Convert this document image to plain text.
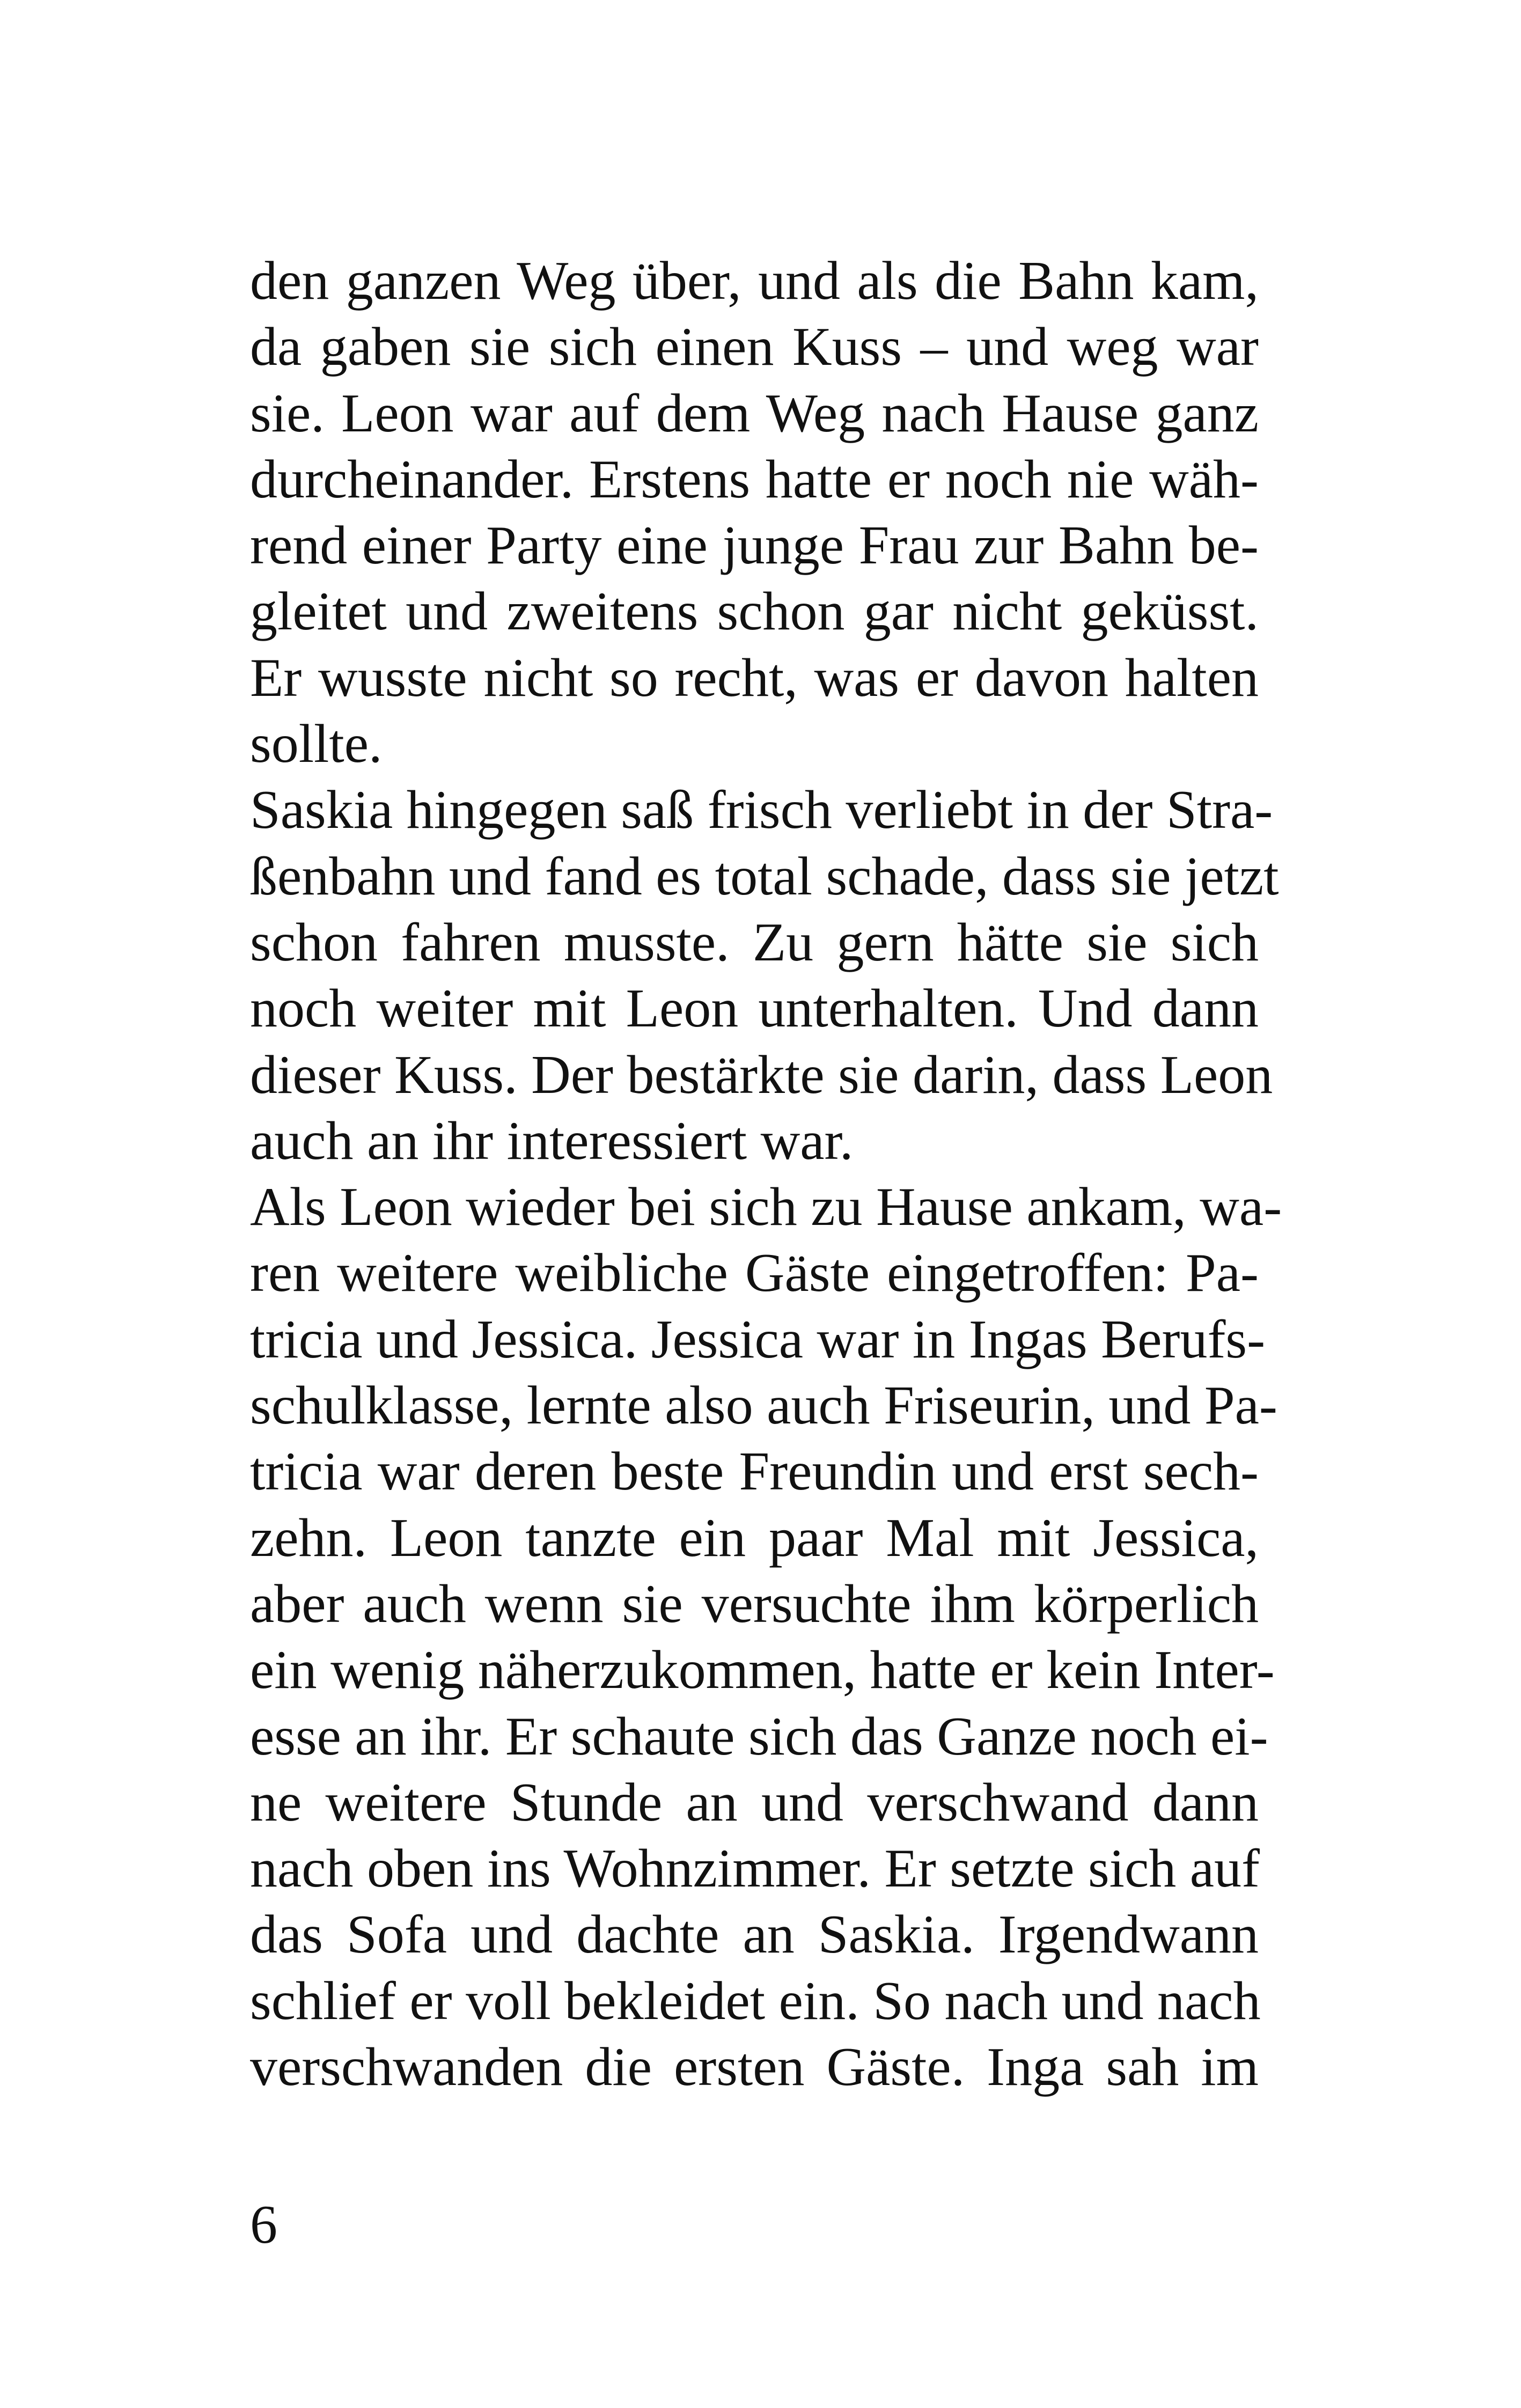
den ganzen Weg über, und als die Bahn kam,
da gaben sie sich einen Kuss – und weg war
sie. Leon war auf dem Weg nach Hause ganz
durcheinander. Erstens hatte er noch nie wäh-
rend einer Party eine junge Frau zur Bahn be-
gleitet und zweitens schon gar nicht geküsst.
Er wusste nicht so recht, was er davon halten
sollte.
Saskia hingegen saß frisch verliebt in der Stra-
ßenbahn und fand es total schade, dass sie jetzt
schon fahren musste. Zu gern hätte sie sich
noch weiter mit Leon unterhalten. Und dann
dieser Kuss. Der bestärkte sie darin, dass Leon
auch an ihr interessiert war.
Als Leon wieder bei sich zu Hause ankam, wa-
ren weitere weibliche Gäste eingetroffen: Pa-
tricia und Jessica. Jessica war in Ingas Berufs-
schulklasse, lernte also auch Friseurin, und Pa-
tricia war deren beste Freundin und erst sech-
zehn. Leon tanzte ein paar Mal mit Jessica,
aber auch wenn sie versuchte ihm körperlich
ein wenig näherzukommen, hatte er kein Inter-
esse an ihr. Er schaute sich das Ganze noch ei-
ne weitere Stunde an und verschwand dann
nach oben ins Wohnzimmer. Er setzte sich auf
das Sofa und dachte an Saskia. Irgendwann
schlief er voll bekleidet ein. So nach und nach
verschwanden die ersten Gäste. Inga sah im
6
